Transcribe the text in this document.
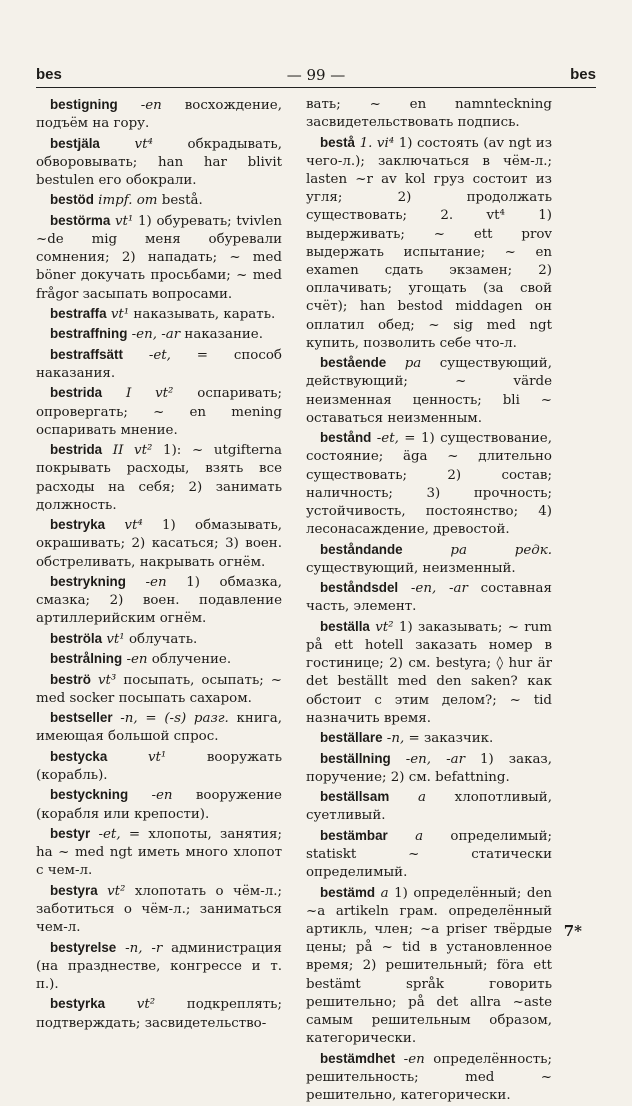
bes	— 99 —	bes

bestigning -en восхождение, подъём на гору.

bestjäla	vt⁴	обкрадывать, обворовывать; han har blivit bestulen его обокрали.

bestöd impf. om bestå.

bestörma vt¹ 1) обуревать; tvivlen ~de mig меня обуревали сомнения; 2) нападать; ~ med böner докучать просьбами; ~ med frågor засыпать вопросами.

bestraffa vt¹ наказывать, карать.

bestraffning -en, -ar наказание.

bestraffsätt -et, = способ наказания.

bestrida I vt² оспаривать; опровергать; ~ en mening оспаривать мнение.

bestrida II vt² 1): ~ utgifterna покрывать расходы, взять все расходы на себя; 2) занимать должность.

bestryka vt⁴ 1) обмазывать, окрашивать; 2) касаться; 3) воен. обстреливать, накрывать огнём.

bestrykning -en 1) обмазка, смазка; 2) воен. подавление артиллерийским огнём.

beströla vt¹ облучать.

bestrålning -en облучение.

beströ vt³ посыпать, осыпать; ~ med socker посыпать сахаром.

bestseller -n, = (-s) разг. книга, имеющая большой спрос.

bestycka	vt¹	вооружать (корабль).

bestyckning -en вооружение (корабля или крепости).

bestyr -et, = хлопоты, занятия; ha ~ med ngt иметь много хлопот с чем-л.

bestyra vt² хлопотать о чём-л.; заботиться о чём-л.; заниматься чем-л.

bestyrelse -n, -r администрация (на празднестве, конгрессе и т. п.).

bestyrka vt² подкреплять; подтверждать; засвидетельство-

вать; ~ en namnteckning засвидетельствовать подпись.

bestå 1. vi⁴ 1) состоять (av ngt из чего-л.); заключаться в чём-л.; lasten ~r av kol груз состоит из угля; 2) продолжать существовать; 2. vt⁴ 1) выдерживать; ~ ett prov выдержать испытание; ~ en examen сдать экзамен; 2) оплачивать; угощать (за свой счёт); han bestod middagen он оплатил обед; ~ sig med ngt купить, позволить себе что-л.

bestående pa существующий, действующий; ~ värde неизменная ценность; bli ~ оставаться неизменным.

bestånd -et, = 1) существование, состояние; äga ~ длительно существовать; 2) состав; наличность; 3) прочность; устойчивость, постоянство; 4) лесонасаждение, древостой.

beståndande	pa редк. существующий, неизменный.

beståndsdel -en, -ar составная часть, элемент.

beställa vt² 1) заказывать; ~ rum på ett hotell заказать номер в гостинице; 2) см. bestyra; ◊ hur är det beställt med den saken? как обстоит с этим делом?; ~ tid назначить время.

beställare -n, = заказчик.

beställning -en, -ar 1) заказ, поручение; 2) см. befattning.

beställsam a хлопотливый, суетливый.

bestämbar a определимый; statiskt ~ статически определимый.

bestämd a 1) определённый; den ~a artikeln грам. определённый артикль, член; ~a priser твёрдые цены; på ~ tid в установленное время; 2) решительный; föra ett bestämt språk говорить решительно; på det allra ~aste самым решительным образом, категорически.

bestämdhet -en определённость; решительность; med ~ решительно, категорически.

7*
